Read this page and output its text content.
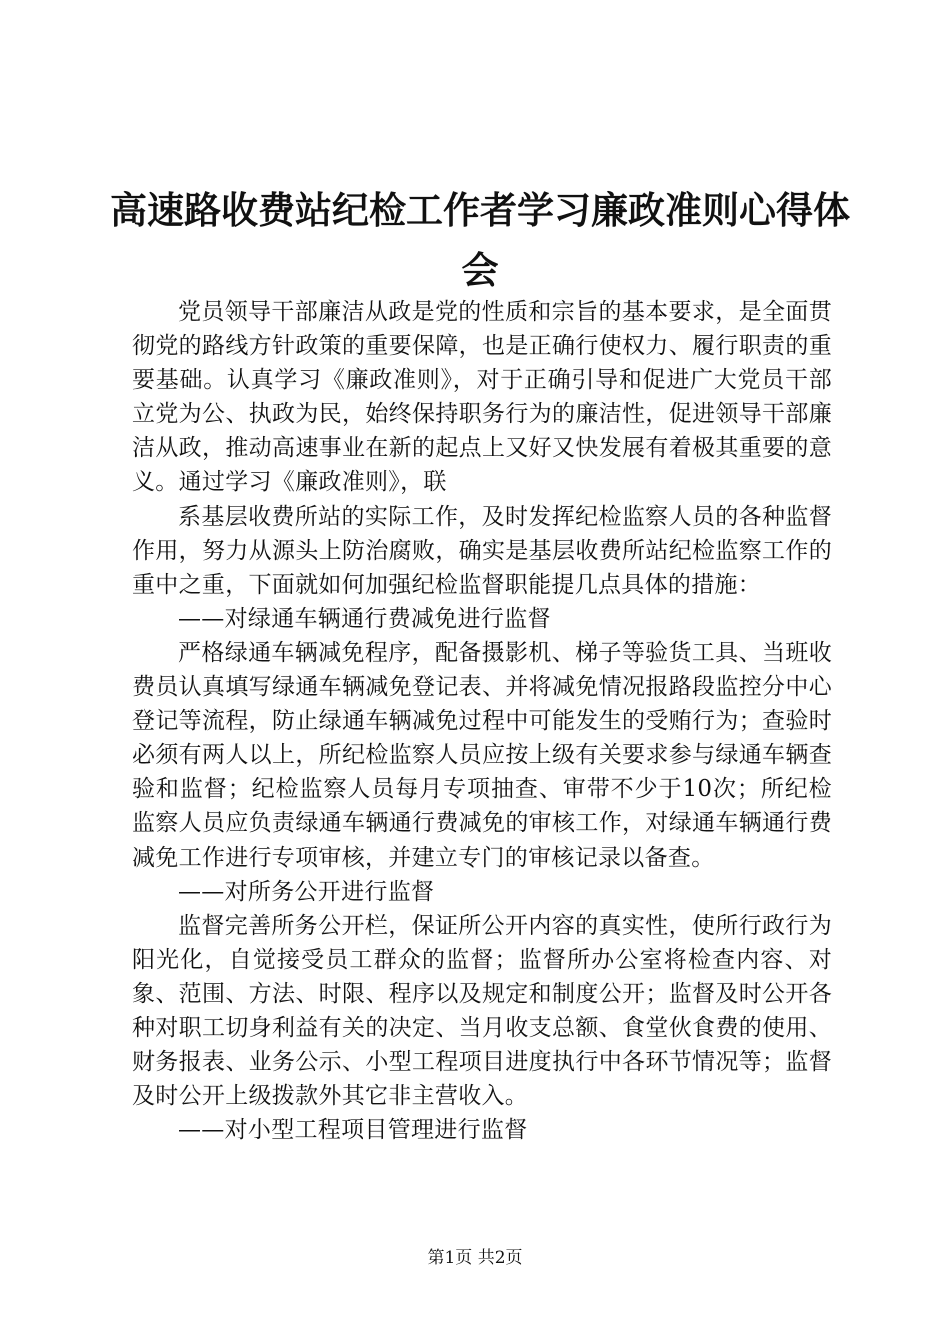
高速路收费站纪检工作者学习廉政准则心得体
会

党员领导干部廉洁从政是党的性质和宗旨的基本要求，是全面贯彻党的路线方针政策的重要保障，也是正确行使权力、履行职责的重要基础。认真学习《廉政准则》，对于正确引导和促进广大党员干部立党为公、执政为民，始终保持职务行为的廉洁性，促进领导干部廉洁从政，推动高速事业在新的起点上又好又快发展有着极其重要的意义。通过学习《廉政准则》，联

系基层收费所站的实际工作，及时发挥纪检监察人员的各种监督作用，努力从源头上防治腐败，确实是基层收费所站纪检监察工作的重中之重，下面就如何加强纪检监督职能提几点具体的措施：

——对绿通车辆通行费减免进行监督

严格绿通车辆减免程序，配备摄影机、梯子等验货工具、当班收费员认真填写绿通车辆减免登记表、并将减免情况报路段监控分中心登记等流程，防止绿通车辆减免过程中可能发生的受贿行为；查验时必须有两人以上，所纪检监察人员应按上级有关要求参与绿通车辆查验和监督；纪检监察人员每月专项抽查、审带不少于10次；所纪检监察人员应负责绿通车辆通行费减免的审核工作，对绿通车辆通行费减免工作进行专项审核，并建立专门的审核记录以备查。

——对所务公开进行监督

监督完善所务公开栏，保证所公开内容的真实性，使所行政行为阳光化，自觉接受员工群众的监督；监督所办公室将检查内容、对象、范围、方法、时限、程序以及规定和制度公开；监督及时公开各种对职工切身利益有关的决定、当月收支总额、食堂伙食费的使用、财务报表、业务公示、小型工程项目进度执行中各环节情况等；监督及时公开上级拨款外其它非主营收入。

——对小型工程项目管理进行监督

第1页 共2页
